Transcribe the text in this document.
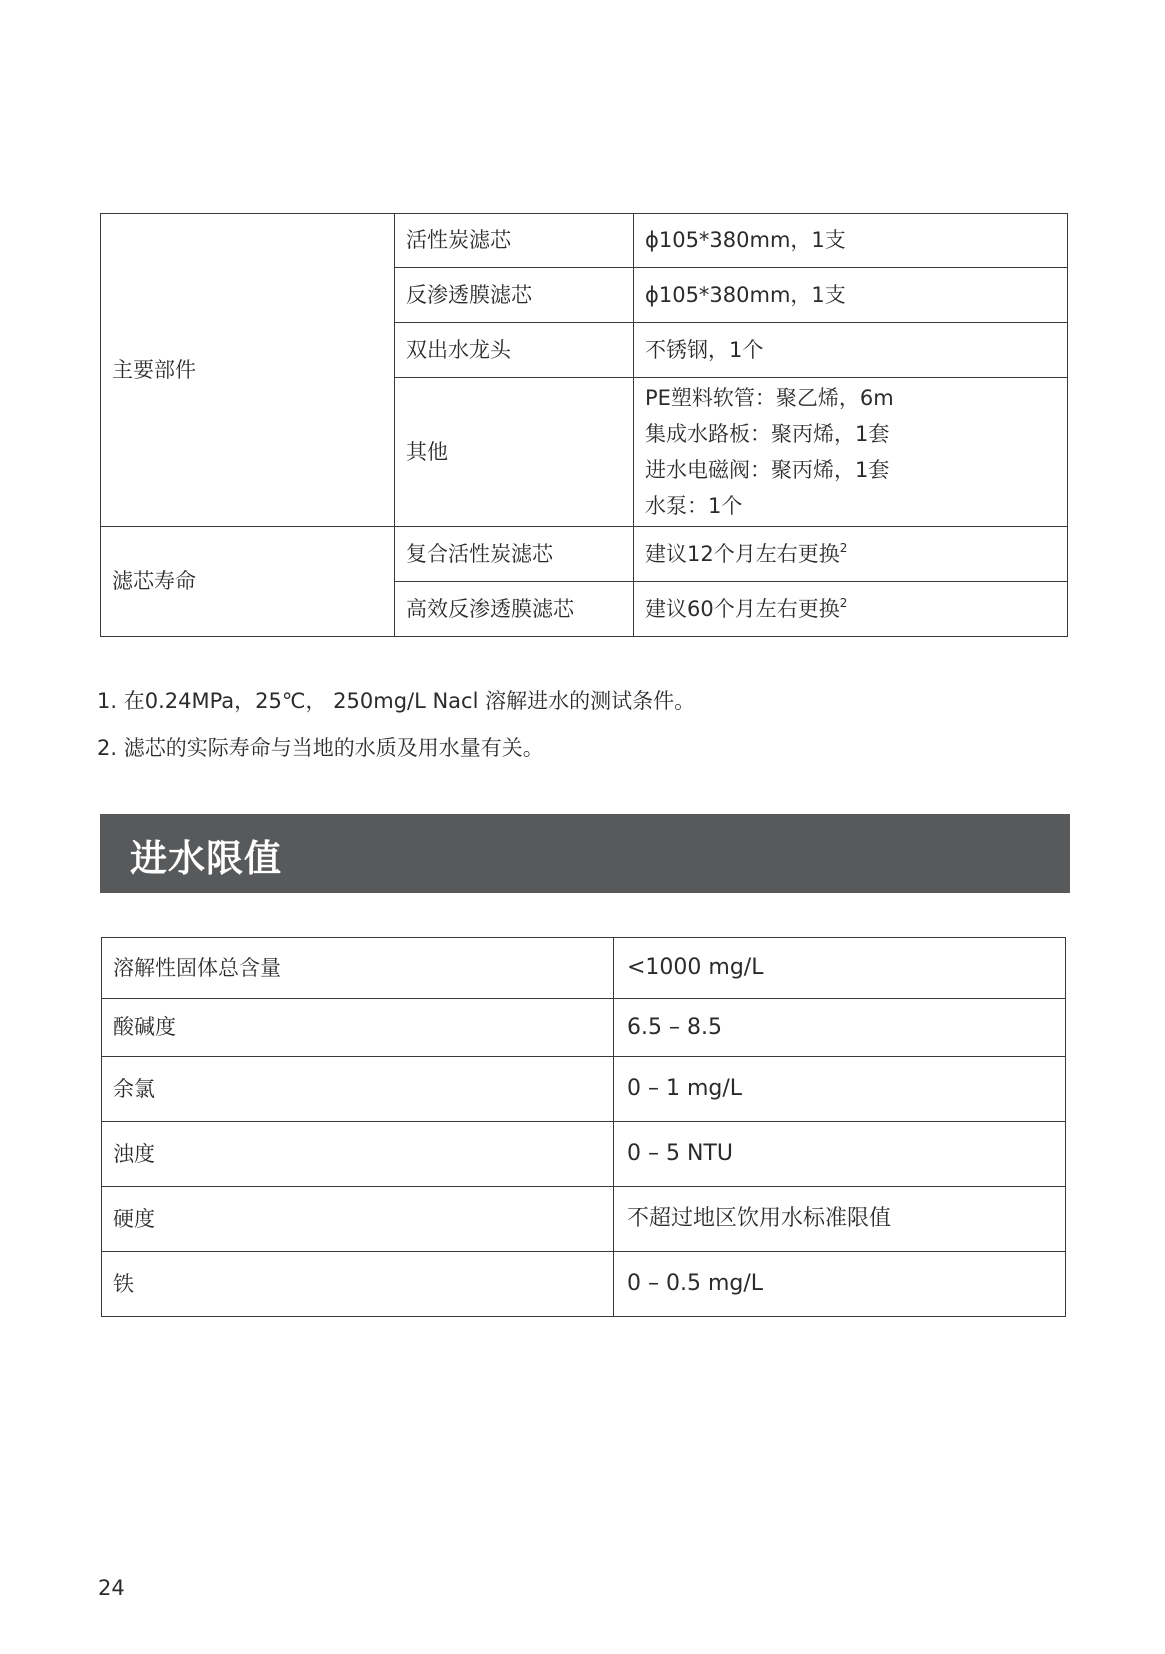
主要部件	活性炭滤芯	ϕ105*380mm，1支
	反渗透膜滤芯	ϕ105*380mm，1支
	双出水龙头	不锈钢，1个
	其他	PE塑料软管：聚乙烯，6m
集成水路板：聚丙烯，1套
进水电磁阀：聚丙烯，1套
水泵：1个

滤芯寿命	复合活性炭滤芯	建议12个月左右更换$^2$
	高效反渗透膜滤芯	建议60个月左右更换$^2$
1. 在0.24MPa，25℃， 250mg/L Nacl 溶解进水的测试条件。
2. 滤芯的实际寿命与当地的水质及用水量有关。
进水限值
溶解性固体总含量	<1000 mg/L
酸碱度	6.5 – 8.5
余氯	0 – 1 mg/L
浊度	0 – 5 NTU
硬度	不超过地区饮用水标准限值
铁	0 – 0.5 mg/L
24
